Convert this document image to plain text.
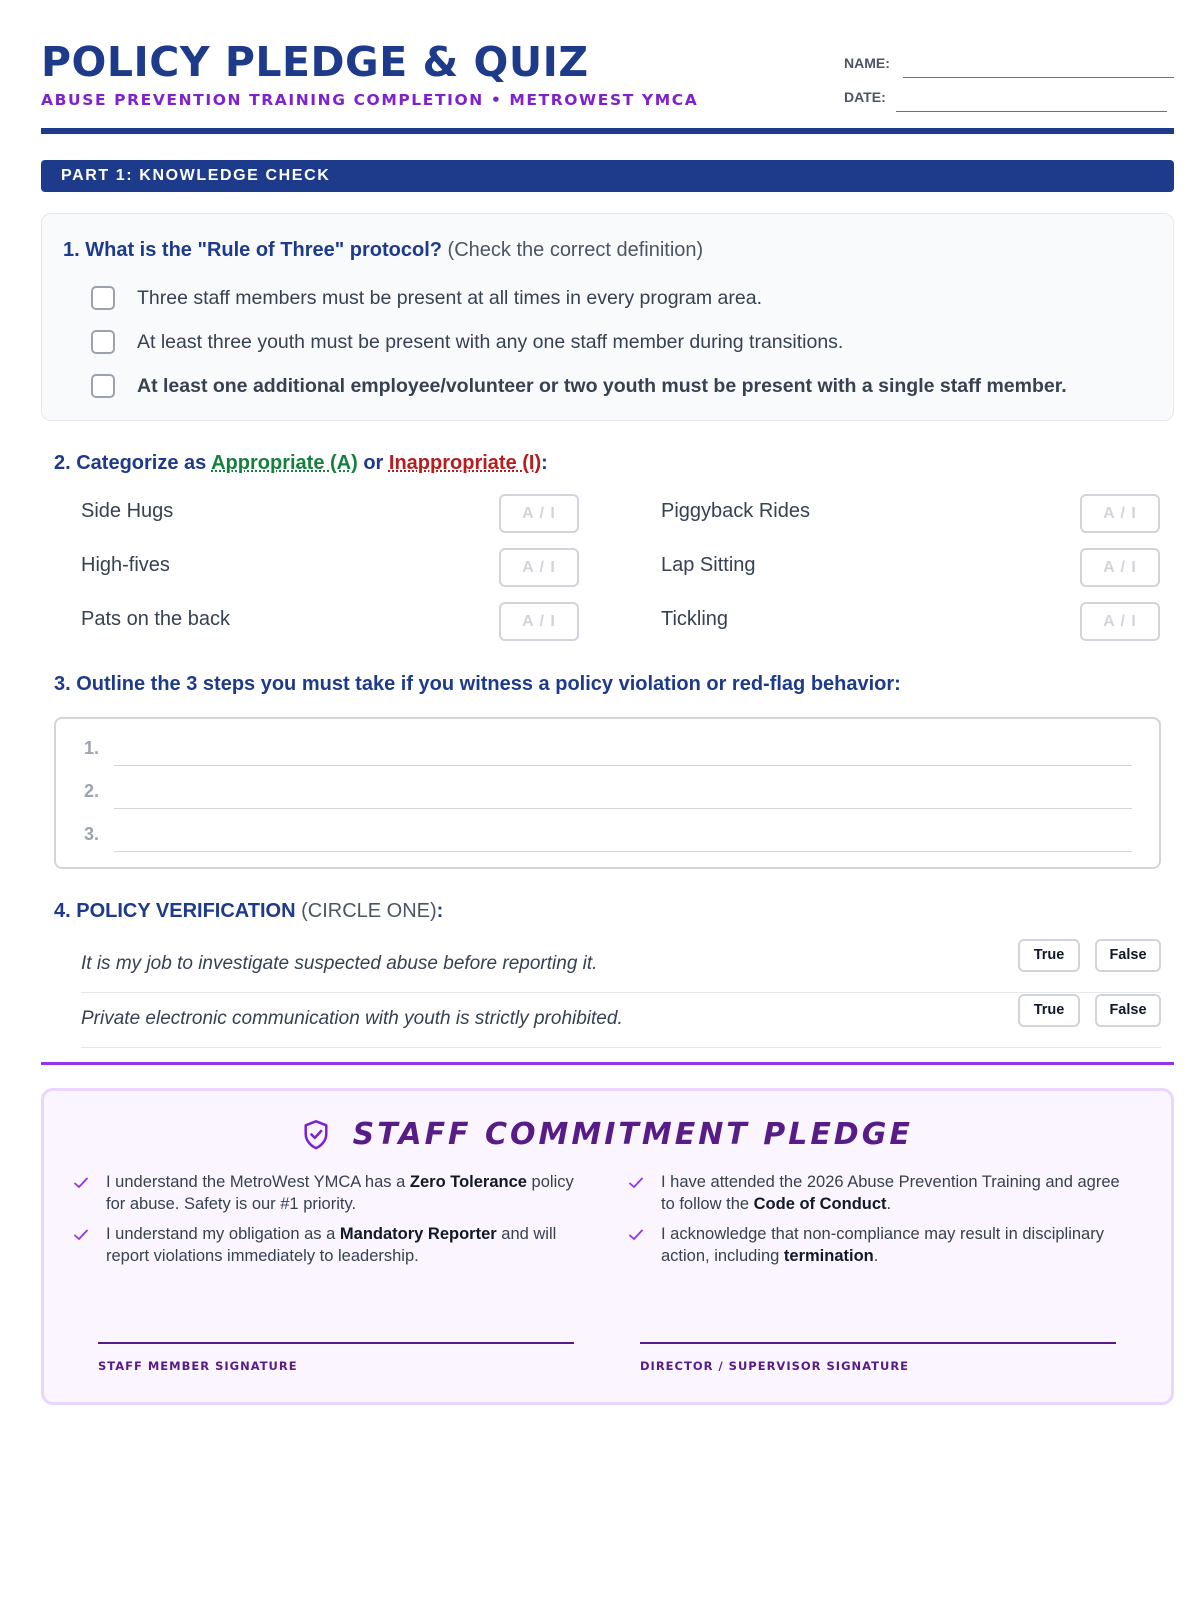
POLICY PLEDGE & QUIZ
ABUSE PREVENTION TRAINING COMPLETION • METROWEST YMCA
NAME:
DATE:
PART 1: KNOWLEDGE CHECK
1. What is the "Rule of Three" protocol? (Check the correct definition)
Three staff members must be present at all times in every program area.
At least three youth must be present with any one staff member during transitions.
At least one additional employee/volunteer or two youth must be present with a single staff member.
2. Categorize as Appropriate (A) or Inappropriate (I):
Side Hugs	A / I
High-fives	A / I
Pats on the back	A / I
Piggyback Rides	A / I
Lap Sitting	A / I
Tickling	A / I
3. Outline the 3 steps you must take if you witness a policy violation or red-flag behavior:
1.
2.
3.
4. POLICY VERIFICATION (CIRCLE ONE):
It is my job to investigate suspected abuse before reporting it.	True	False
Private electronic communication with youth is strictly prohibited.	True	False
STAFF COMMITMENT PLEDGE
I understand the MetroWest YMCA has a Zero Tolerance policy for abuse. Safety is our #1 priority.
I have attended the 2026 Abuse Prevention Training and agree to follow the Code of Conduct.
I understand my obligation as a Mandatory Reporter and will report violations immediately to leadership.
I acknowledge that non-compliance may result in disciplinary action, including termination.
STAFF MEMBER SIGNATURE	DIRECTOR / SUPERVISOR SIGNATURE
